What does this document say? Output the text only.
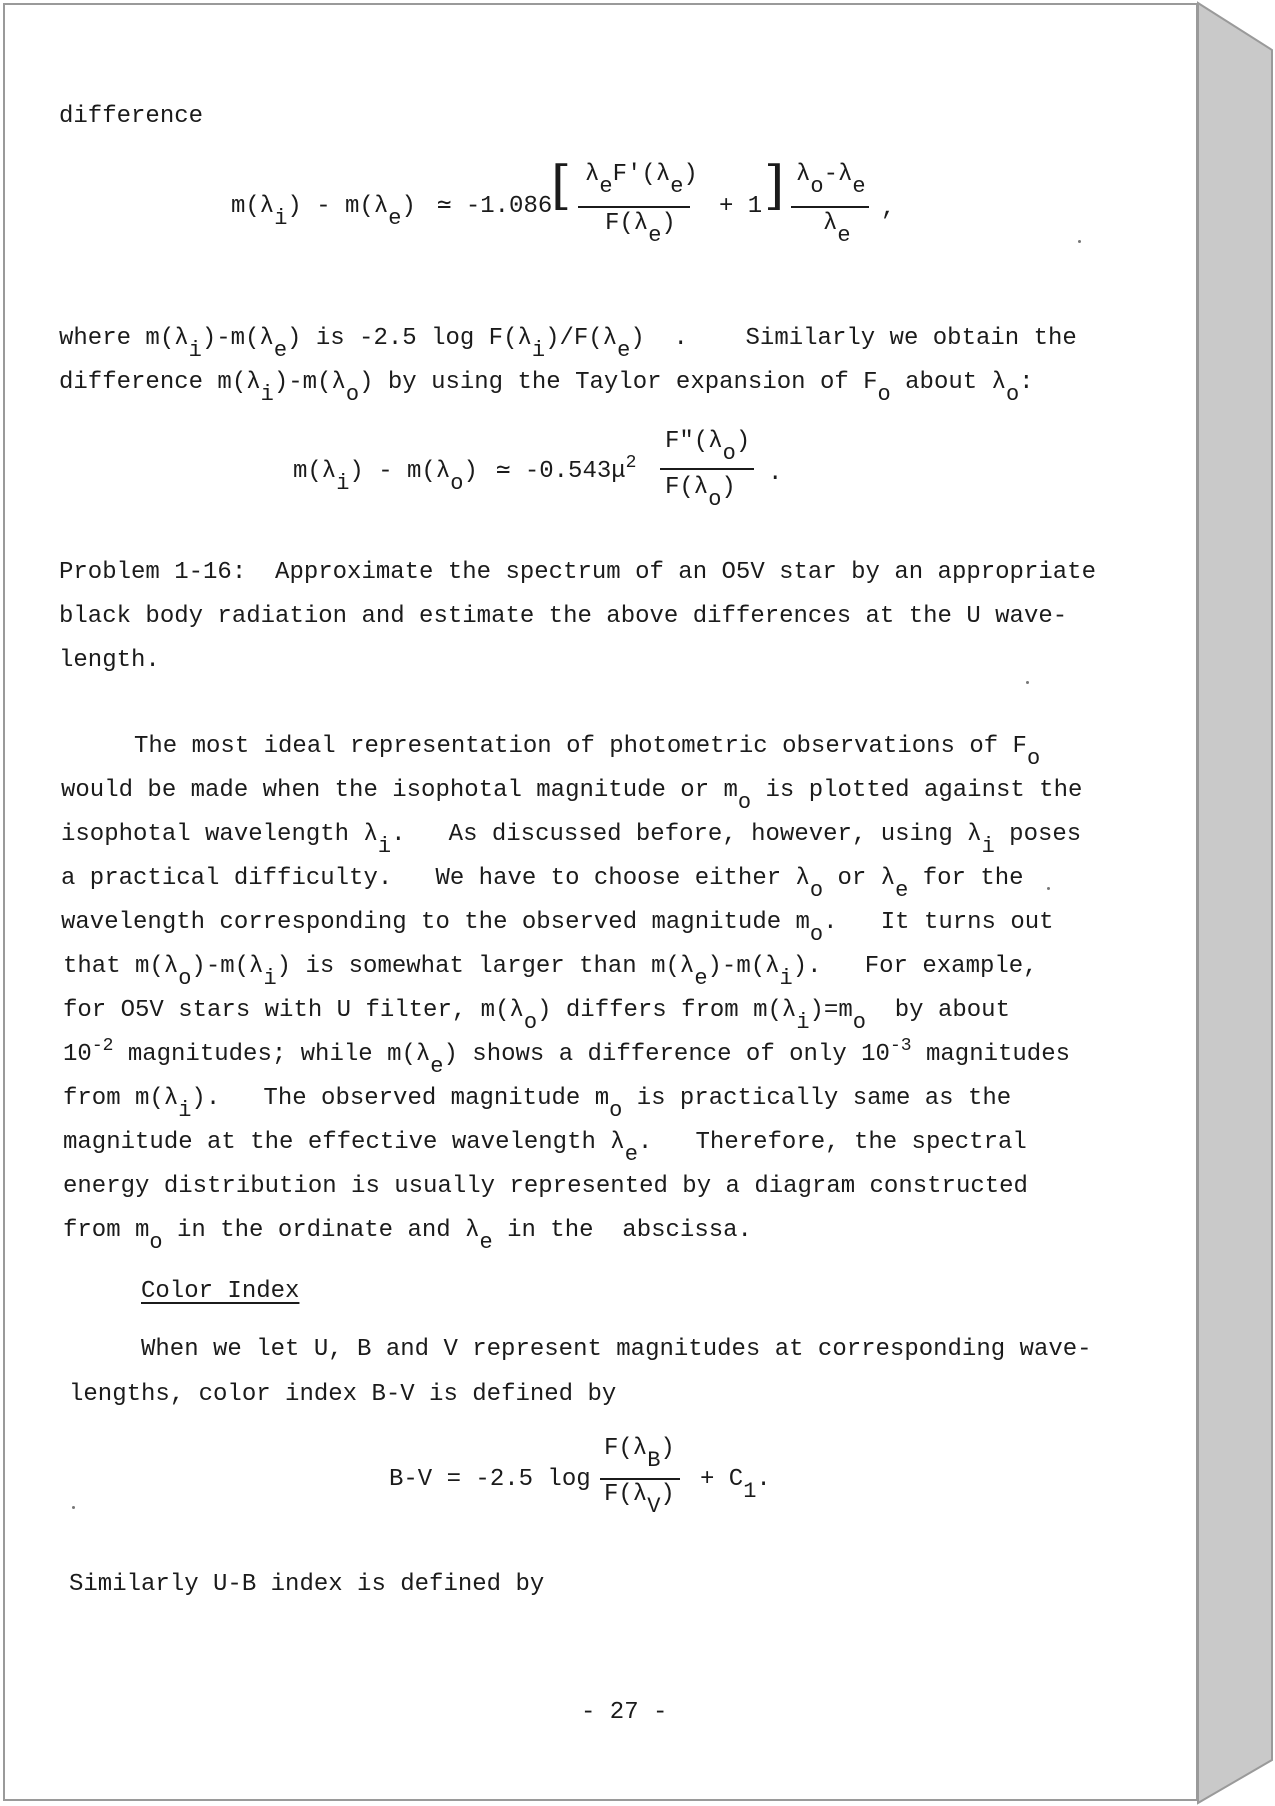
difference
m(λi) - m(λe) ≃ -1.086
[ λeF'(λe)
F(λe)
+ 1 ] λo-λe
λe
,
where m(λi)-m(λe) is -2.5 log F(λi)/F(λe)  .    Similarly we obtain the
difference m(λi)-m(λo) by using the Taylor expansion of Fo about λo:
m(λi) - m(λo) ≃ $-0.543\mu^2$
F"(λo)
F(λo)
.
Problem 1-16:  Approximate the spectrum of an O5V star by an appropriate
black body radiation and estimate the above differences at the U wave-
length.
The most ideal representation of photometric observations of Fo
would be made when the isophotal magnitude or mo is plotted against the
isophotal wavelength λi.   As discussed before, however, using λi poses
a practical difficulty.   We have to choose either λo or λe for the
wavelength corresponding to the observed magnitude mo.   It turns out
that m(λo)-m(λi) is somewhat larger than m(λe)-m(λi).   For example,
for O5V stars with U filter, m(λo) differs from m(λi)=mo  by about
$10^{-2}$ magnitudes; while m(λe) shows a difference of only $10^{-3}$ magnitudes
from m(λi).   The observed magnitude mo is practically same as the
magnitude at the effective wavelength λe.   Therefore, the spectral
energy distribution is usually represented by a diagram constructed
from mo in the ordinate and λe in the  abscissa.
Color Index
When we let U, B and V represent magnitudes at corresponding wave-
lengths, color index B-V is defined by
B-V = -2.5 log
F(λB)
F(λV)
+ C1.
Similarly U-B index is defined by
- 27 -
